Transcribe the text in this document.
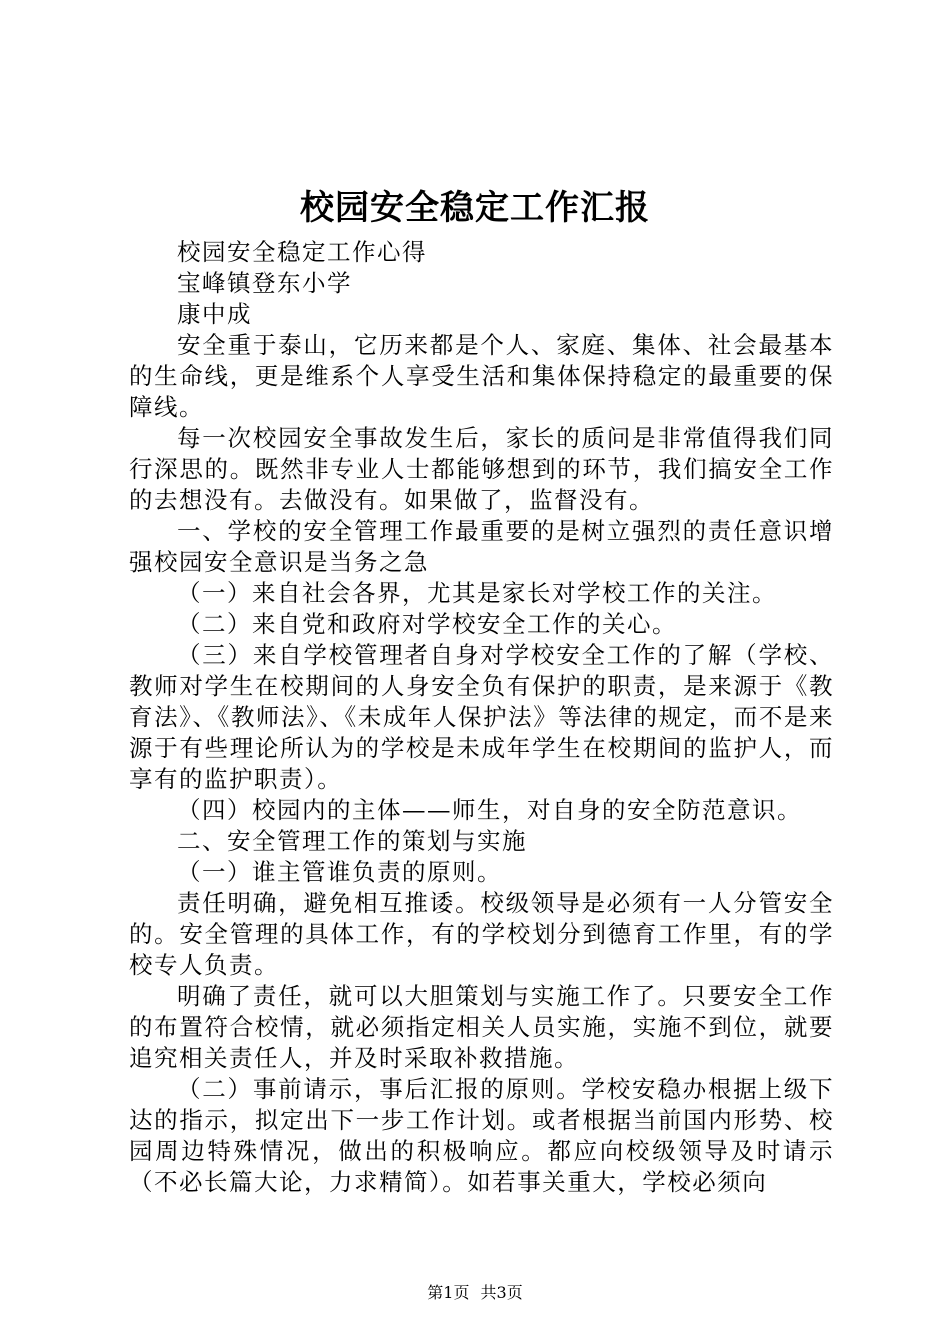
校园安全稳定工作汇报

校园安全稳定工作心得

宝峰镇登东小学

康中成

安全重于泰山，它历来都是个人、家庭、集体、社会最基本的生命线，更是维系个人享受生活和集体保持稳定的最重要的保障线。

每一次校园安全事故发生后，家长的质问是非常值得我们同行深思的。既然非专业人士都能够想到的环节，我们搞安全工作的去想没有。去做没有。如果做了，监督没有。

一、学校的安全管理工作最重要的是树立强烈的责任意识增强校园安全意识是当务之急

（一）来自社会各界，尤其是家长对学校工作的关注。

（二）来自党和政府对学校安全工作的关心。

（三）来自学校管理者自身对学校安全工作的了解（学校、教师对学生在校期间的人身安全负有保护的职责，是来源于《教育法》、《教师法》、《未成年人保护法》等法律的规定，而不是来源于有些理论所认为的学校是未成年学生在校期间的监护人，而享有的监护职责）。

（四）校园内的主体——师生，对自身的安全防范意识。

二、安全管理工作的策划与实施

（一）谁主管谁负责的原则。

责任明确，避免相互推诿。校级领导是必须有一人分管安全的。安全管理的具体工作，有的学校划分到德育工作里，有的学校专人负责。

明确了责任，就可以大胆策划与实施工作了。只要安全工作的布置符合校情，就必须指定相关人员实施，实施不到位，就要追究相关责任人，并及时采取补救措施。

（二）事前请示，事后汇报的原则。学校安稳办根据上级下达的指示，拟定出下一步工作计划。或者根据当前国内形势、校园周边特殊情况，做出的积极响应。都应向校级领导及时请示（不必长篇大论，力求精简）。如若事关重大，学校必须向

第1页 共3页
